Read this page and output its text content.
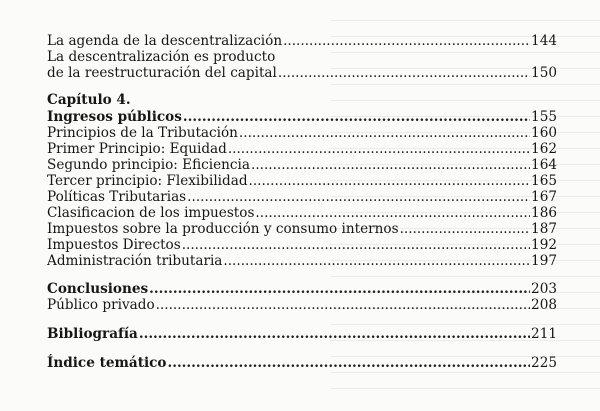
La agenda de la descentralización .....	144
La descentralización es producto
de la reestructuración del capital .....	150
Capítulo 4.
Ingresos públicos .....	155
Principios de la Tributación .....	160
Primer Principio: Equidad .....	162
Segundo principio: Eficiencia .....	164
Tercer principio: Flexibilidad .....	165
Políticas Tributarias .....	167
Clasificacion de los impuestos .....	186
Impuestos sobre la producción y consumo internos .....	187
Impuestos Directos .....	192
Administración tributaria .....	197
Conclusiones .....	203
Público privado .....	208
Bibliografía .....	211
Índice temático .....	225
